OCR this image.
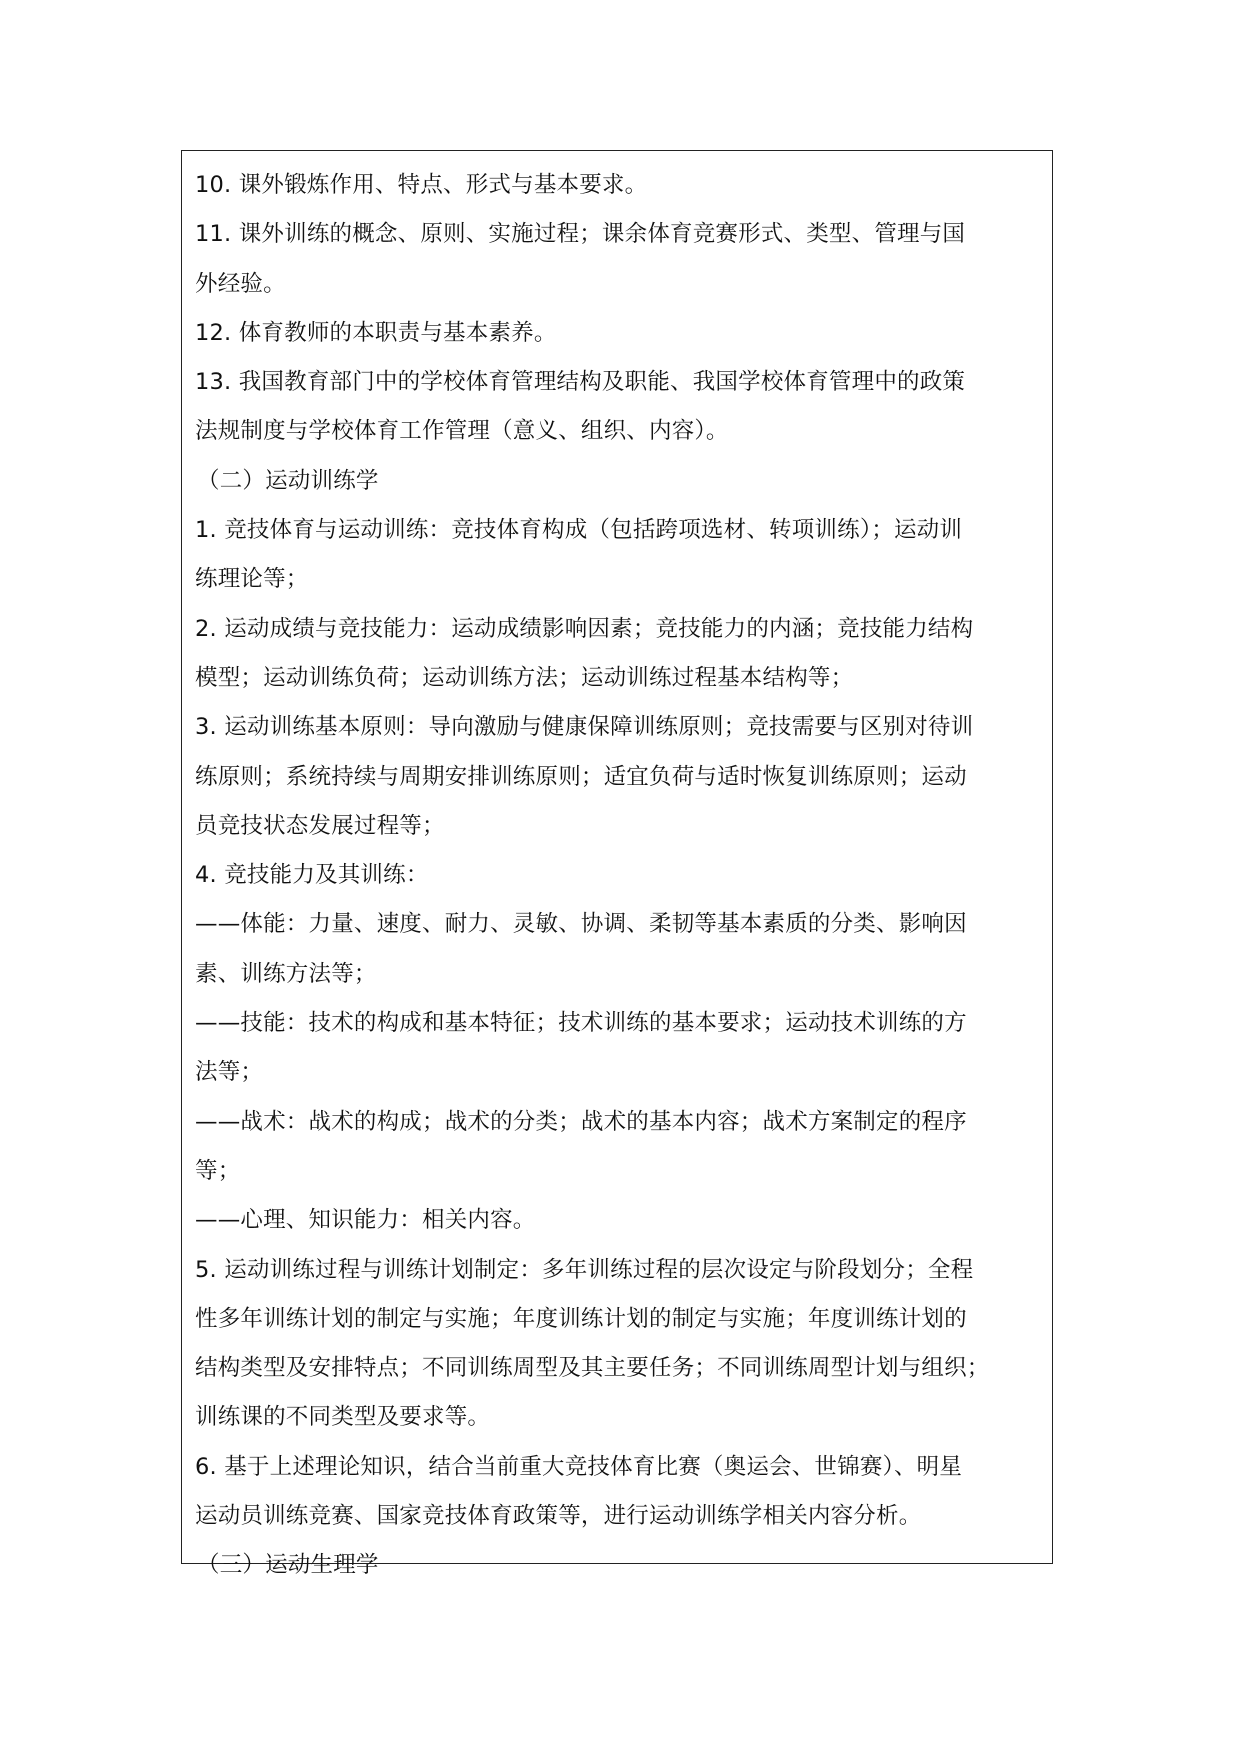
10. 课外锻炼作用、特点、形式与基本要求。
11. 课外训练的概念、原则、实施过程；课余体育竞赛形式、类型、管理与国
外经验。
12. 体育教师的本职责与基本素养。
13. 我国教育部门中的学校体育管理结构及职能、我国学校体育管理中的政策
法规制度与学校体育工作管理（意义、组织、内容）。
（二）运动训练学
1. 竞技体育与运动训练：竞技体育构成（包括跨项选材、转项训练）；运动训
练理论等；
2. 运动成绩与竞技能力：运动成绩影响因素；竞技能力的内涵；竞技能力结构
模型；运动训练负荷；运动训练方法；运动训练过程基本结构等；
3. 运动训练基本原则：导向激励与健康保障训练原则；竞技需要与区别对待训
练原则；系统持续与周期安排训练原则；适宜负荷与适时恢复训练原则；运动
员竞技状态发展过程等；
4. 竞技能力及其训练：
——体能：力量、速度、耐力、灵敏、协调、柔韧等基本素质的分类、影响因
素、训练方法等；
——技能：技术的构成和基本特征；技术训练的基本要求；运动技术训练的方
法等；
——战术：战术的构成；战术的分类；战术的基本内容；战术方案制定的程序
等；
——心理、知识能力：相关内容。
5. 运动训练过程与训练计划制定：多年训练过程的层次设定与阶段划分；全程
性多年训练计划的制定与实施；年度训练计划的制定与实施；年度训练计划的
结构类型及安排特点；不同训练周型及其主要任务；不同训练周型计划与组织；
训练课的不同类型及要求等。
6. 基于上述理论知识，结合当前重大竞技体育比赛（奥运会、世锦赛）、明星
运动员训练竞赛、国家竞技体育政策等，进行运动训练学相关内容分析。
（三）运动生理学
